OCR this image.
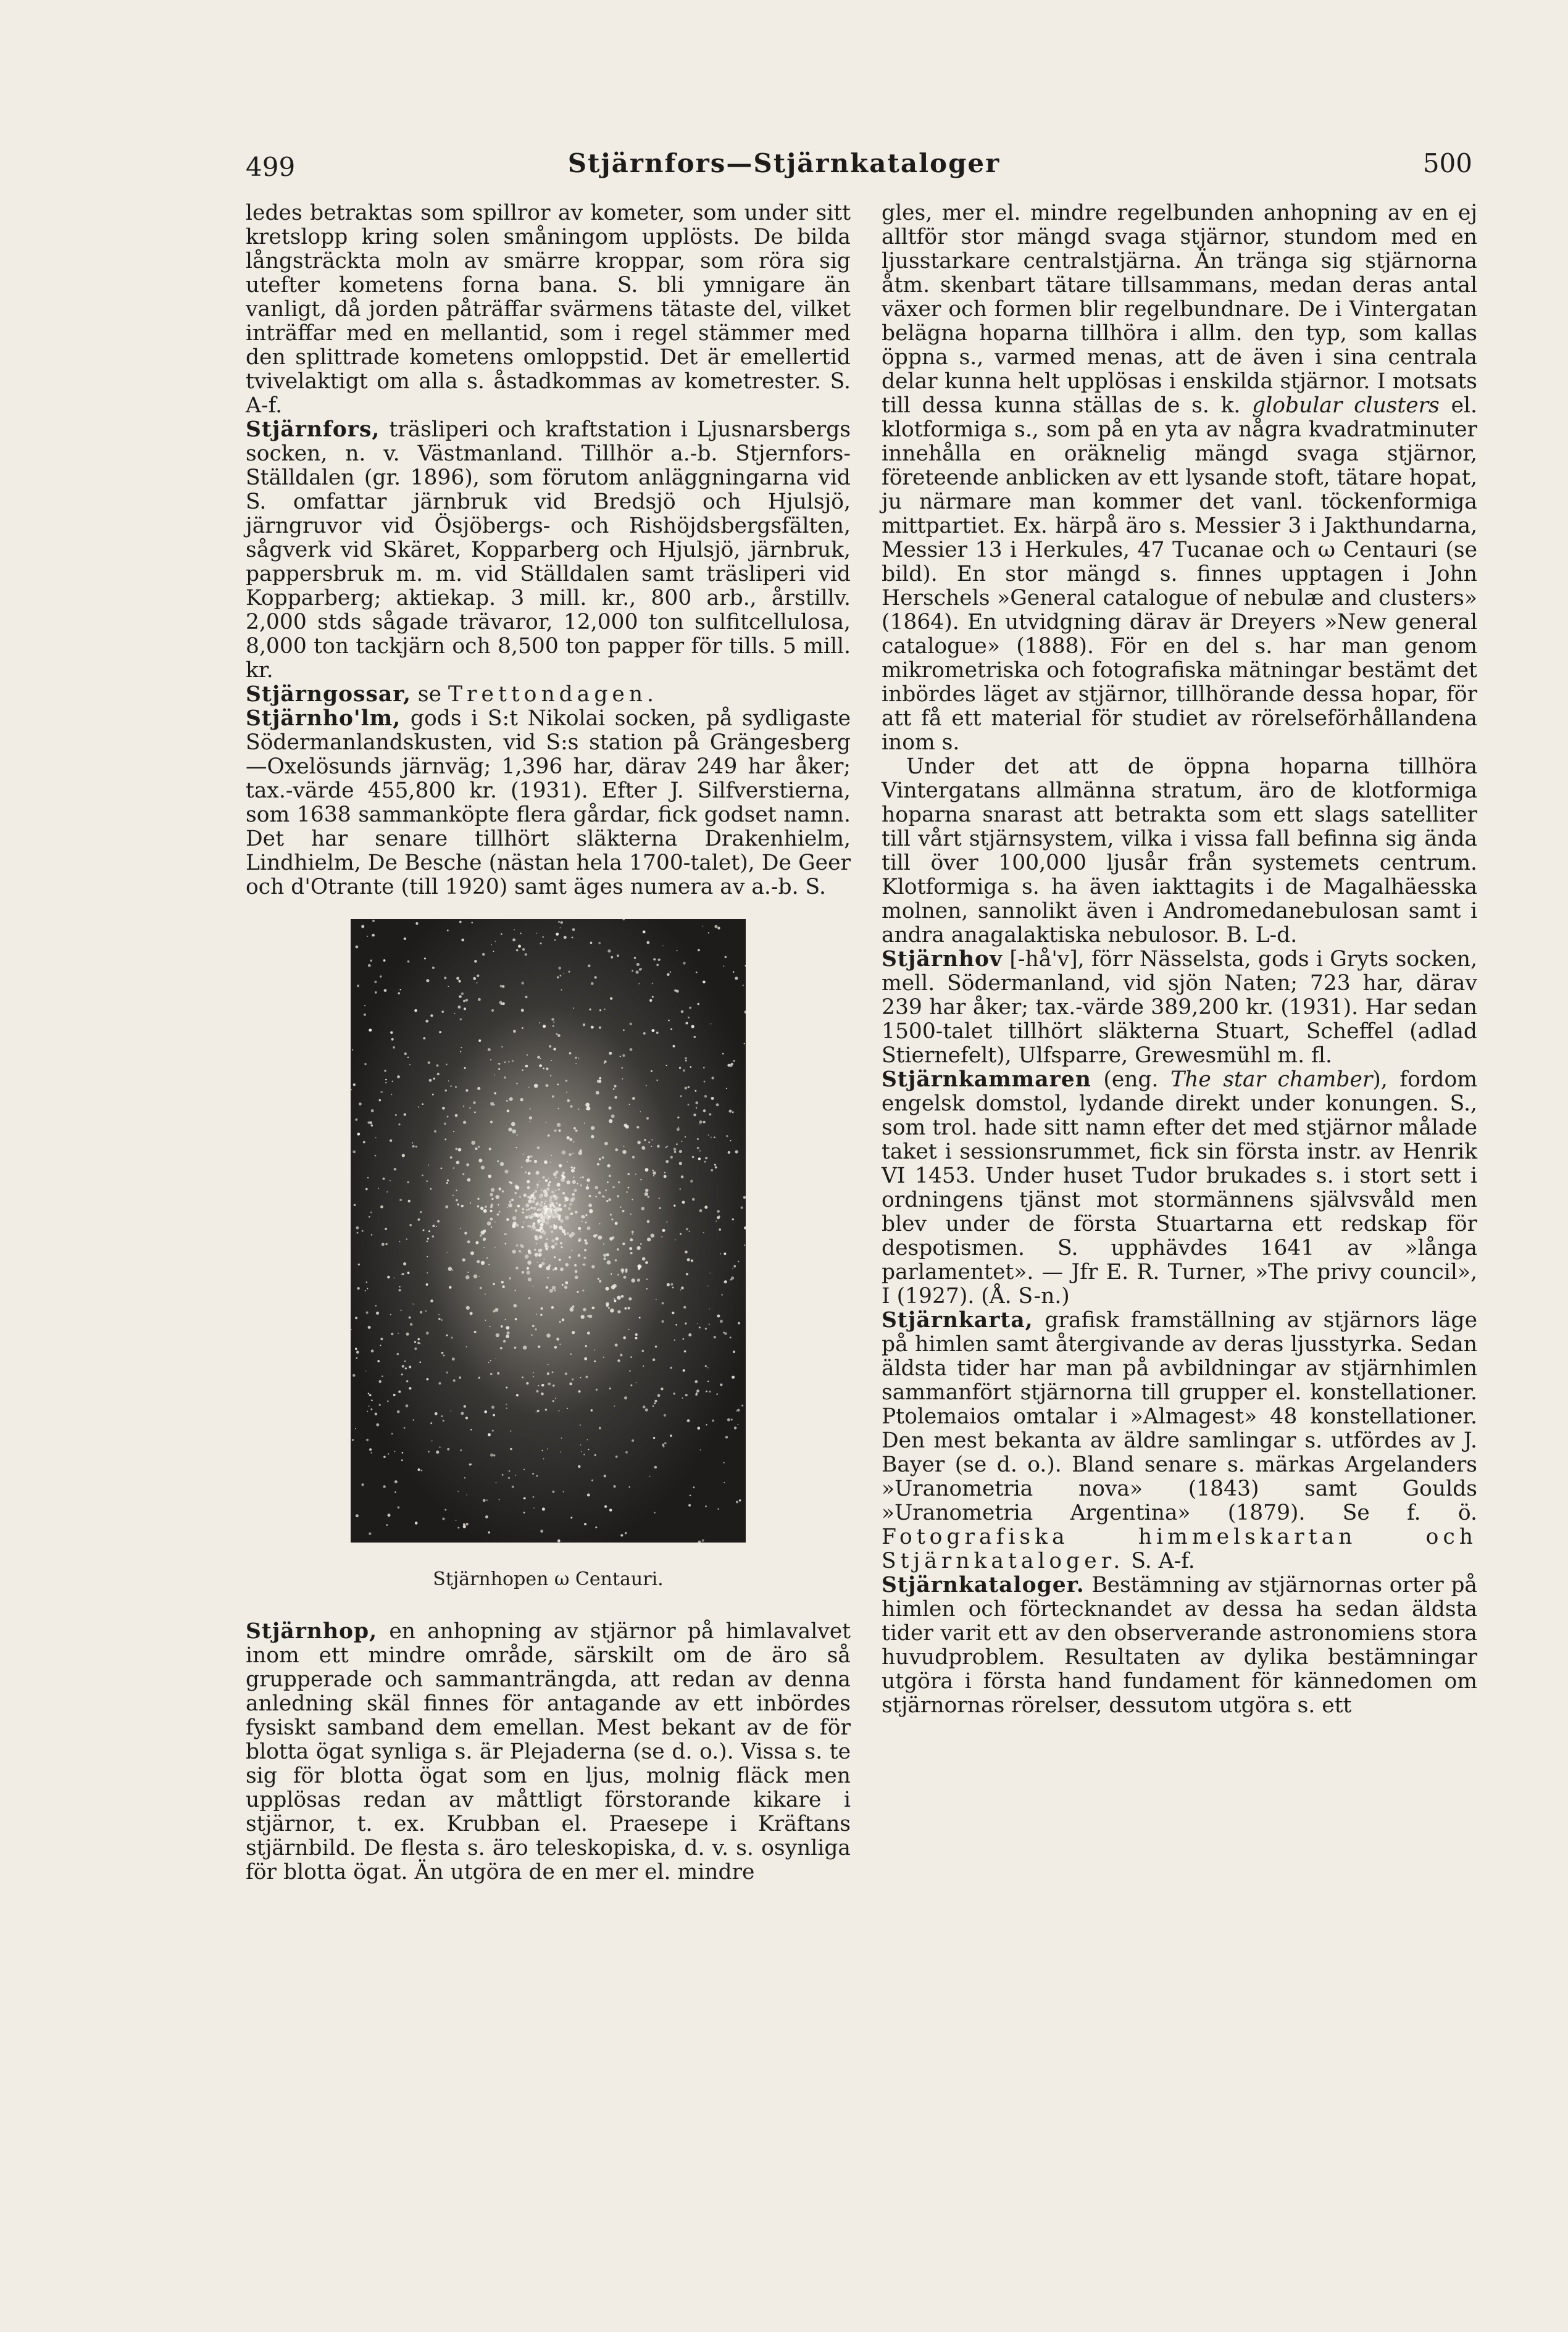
499	Stjärnfors—Stjärnkataloger	500

ledes betraktas som spillror av kometer, som under sitt kretslopp kring solen småningom upplösts. De bilda långsträckta moln av smärre kroppar, som röra sig utefter kometens forna bana. S. bli ymnigare än vanligt, då jorden påträffar svärmens tätaste del, vilket inträffar med en mellantid, som i regel stämmer med den splittrade kometens omloppstid. Det är emellertid tvivelaktigt om alla s. åstadkommas av kometrester. S. A-f.

Stjärnfors, träsliperi och kraftstation i Ljusnarsbergs socken, n. v. Västmanland. Tillhör a.-b. Stjernfors-Ställdalen (gr. 1896), som förutom anläggningarna vid S. omfattar järnbruk vid Bredsjö och Hjulsjö, järngruvor vid Ösjöbergs- och Rishöjdsbergsfälten, sågverk vid Skäret, Kopparberg och Hjulsjö, järnbruk, pappersbruk m. m. vid Ställdalen samt träsliperi vid Kopparberg; aktiekap. 3 mill. kr., 800 arb., årstillv. 2,000 stds sågade trävaror, 12,000 ton sulfitcellulosa, 8,000 ton tackjärn och 8,500 ton papper för tills. 5 mill. kr.

Stjärngossar, se Trettondagen.

Stjärnho'lm, gods i S:t Nikolai socken, på sydligaste Södermanlandskusten, vid S:s station på Grängesberg—Oxelösunds järnväg; 1,396 har, därav 249 har åker; tax.-värde 455,800 kr. (1931). Efter J. Silfverstierna, som 1638 sammanköpte flera gårdar, fick godset namn. Det har senare tillhört släkterna Drakenhielm, Lindhielm, De Besche (nästan hela 1700-talet), De Geer och d'Otrante (till 1920) samt äges numera av a.-b. S.

Stjärnhopen ω Centauri.

Stjärnhop, en anhopning av stjärnor på himlavalvet inom ett mindre område, särskilt om de äro så grupperade och sammanträngda, att redan av denna anledning skäl finnes för antagande av ett inbördes fysiskt samband dem emellan. Mest bekant av de för blotta ögat synliga s. är Plejaderna (se d. o.). Vissa s. te sig för blotta ögat som en ljus, molnig fläck men upplösas redan av måttligt förstorande kikare i stjärnor, t. ex. Krubban el. Praesepe i Kräftans stjärnbild. De flesta s. äro teleskopiska, d. v. s. osynliga för blotta ögat. Än utgöra de en mer el. mindre

gles, mer el. mindre regelbunden anhopning av en ej alltför stor mängd svaga stjärnor, stundom med en ljusstarkare centralstjärna. Än tränga sig stjärnorna åtm. skenbart tätare tillsammans, medan deras antal växer och formen blir regelbundnare. De i Vintergatan belägna hoparna tillhöra i allm. den typ, som kallas öppna s., varmed menas, att de även i sina centrala delar kunna helt upplösas i enskilda stjärnor. I motsats till dessa kunna ställas de s. k. globular clusters el. klotformiga s., som på en yta av några kvadratminuter innehålla en oräknelig mängd svaga stjärnor, företeende anblicken av ett lysande stoft, tätare hopat, ju närmare man kommer det vanl. töckenformiga mittpartiet. Ex. härpå äro s. Messier 3 i Jakthundarna, Messier 13 i Herkules, 47 Tucanae och ω Centauri (se bild). En stor mängd s. finnes upptagen i John Herschels »General catalogue of nebulæ and clusters» (1864). En utvidgning därav är Dreyers »New general catalogue» (1888). För en del s. har man genom mikrometriska och fotografiska mätningar bestämt det inbördes läget av stjärnor, tillhörande dessa hopar, för att få ett material för studiet av rörelseförhållandena inom s.

Under det att de öppna hoparna tillhöra Vintergatans allmänna stratum, äro de klotformiga hoparna snarast att betrakta som ett slags satelliter till vårt stjärnsystem, vilka i vissa fall befinna sig ända till över 100,000 ljusår från systemets centrum. Klotformiga s. ha även iakttagits i de Magalhäesska molnen, sannolikt även i Andromedanebulosan samt i andra anagalaktiska nebulosor. B. L-d.

Stjärnhov [-hå'v], förr Nässelsta, gods i Gryts socken, mell. Södermanland, vid sjön Naten; 723 har, därav 239 har åker; tax.-värde 389,200 kr. (1931). Har sedan 1500-talet tillhört släkterna Stuart, Scheffel (adlad Stiernefelt), Ulfsparre, Grewesmühl m. fl.

Stjärnkammaren (eng. The star chamber), fordom engelsk domstol, lydande direkt under konungen. S., som trol. hade sitt namn efter det med stjärnor målade taket i sessionsrummet, fick sin första instr. av Henrik VI 1453. Under huset Tudor brukades s. i stort sett i ordningens tjänst mot stormännens självsvåld men blev under de första Stuartarna ett redskap för despotismen. S. upphävdes 1641 av »långa parlamentet». — Jfr E. R. Turner, »The privy council», I (1927). (Å. S-n.)

Stjärnkarta, grafisk framställning av stjärnors läge på himlen samt återgivande av deras ljusstyrka. Sedan äldsta tider har man på avbildningar av stjärnhimlen sammanfört stjärnorna till grupper el. konstellationer. Ptolemaios omtalar i »Almagest» 48 konstellationer. Den mest bekanta av äldre samlingar s. utfördes av J. Bayer (se d. o.). Bland senare s. märkas Argelanders »Uranometria nova» (1843) samt Goulds »Uranometria Argentina» (1879). Se f. ö. Fotografiska himmelskartan och Stjärnkataloger. S. A-f.

Stjärnkataloger. Bestämning av stjärnornas orter på himlen och förtecknandet av dessa ha sedan äldsta tider varit ett av den observerande astronomiens stora huvudproblem. Resultaten av dylika bestämningar utgöra i första hand fundament för kännedomen om stjärnornas rörelser, dessutom utgöra s. ett
